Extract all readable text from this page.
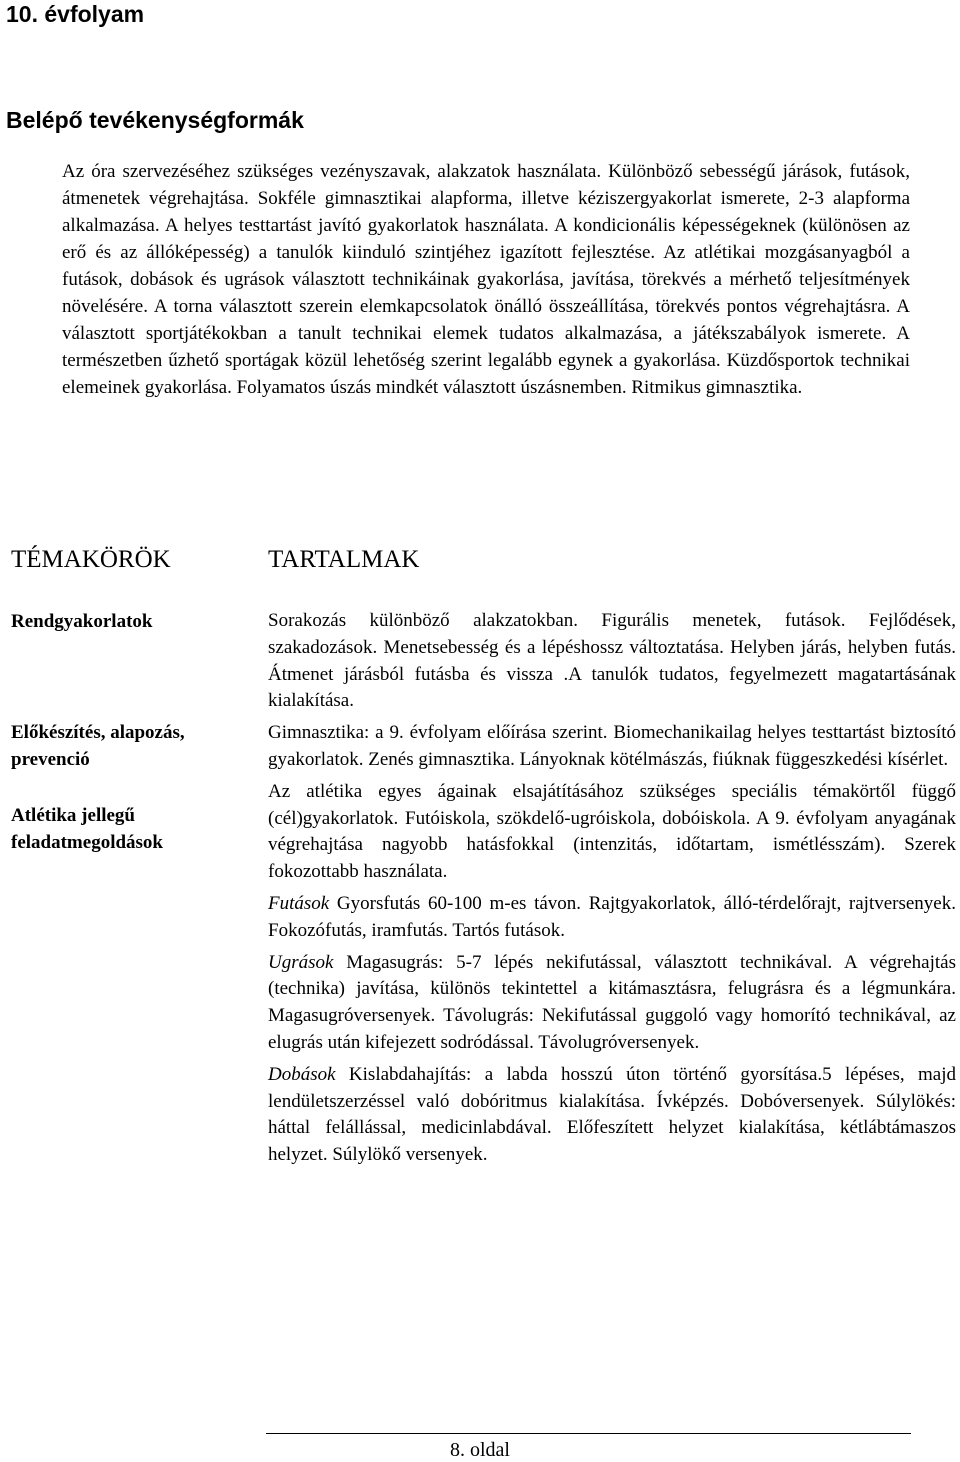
10. évfolyam
Belépő tevékenységformák
Az óra szervezéséhez szükséges vezényszavak, alakzatok használata. Különböző sebességű járások, futások, átmenetek végrehajtása. Sokféle gimnasztikai alapforma, illetve kéziszergyakorlat ismerete, 2-3 alapforma alkalmazása. A helyes testtartást javító gyakorlatok használata. A kondicionális képességeknek (különösen az erő és az állóképesség) a tanulók kiinduló szintjéhez igazított fejlesztése. Az atlétikai mozgásanyagból a futások, dobások és ugrások választott technikáinak gyakorlása, javítása, törekvés a mérhető teljesítmények növelésére. A torna választott szerein elemkapcsolatok önálló összeállítása, törekvés pontos végrehajtásra. A választott sportjátékokban a tanult technikai elemek tudatos alkalmazása, a játékszabályok ismerete. A természetben űzhető sportágak közül lehetőség szerint legalább egynek a gyakorlása. Küzdősportok technikai elemeinek gyakorlása. Folyamatos úszás mindkét választott úszásnemben. Ritmikus gimnasztika.
TÉMAKÖRÖK	TARTALMAK
Rendgyakorlatok
Előkészítés, alapozás, prevenció
Atlétika jellegű feladatmegoldások

Sorakozás különböző alakzatokban. Figurális menetek, futások. Fejlődések, szakadozások. Menetsebesség és a lépéshossz változtatása. Helyben járás, helyben futás. Átmenet járásból futásba és vissza .A tanulók tudatos, fegyelmezett magatartásának kialakítása.

Gimnasztika: a 9. évfolyam előírása szerint. Biomechanikailag helyes testtartást biztosító gyakorlatok. Zenés gimnasztika. Lányoknak kötélmászás, fiúknak függeszkedési kísérlet.

Az atlétika egyes ágainak elsajátításához szükséges speciális témakörtől függő (cél)gyakorlatok. Futóiskola, szökdelő-ugróiskola, dobóiskola. A 9. évfolyam anyagának végrehajtása nagyobb hatásfokkal (intenzitás, időtartam, ismétlésszám). Szerek fokozottabb használata.

Futások Gyorsfutás 60-100 m-es távon. Rajtgyakorlatok, álló-térdelőrajt, rajtversenyek. Fokozófutás, iramfutás. Tartós futások.

Ugrások Magasugrás: 5-7 lépés nekifutással, választott technikával. A végrehajtás (technika) javítása, különös tekintettel a kitámasztásra, felugrásra és a légmunkára. Magasugróversenyek. Távolugrás: Nekifutással guggoló vagy homorító technikával, az elugrás után kifejezett sodródással. Távolugróversenyek.

Dobások Kislabdahajítás: a labda hosszú úton történő gyorsítása.5 lépéses, majd lendületszerzéssel való dobóritmus kialakítása. Ívképzés. Dobóversenyek. Súlylökés: háttal felállással, medicinlabdával. Előfeszített helyzet kialakítása, kétlábtámaszos helyzet. Súlylökő versenyek.

8. oldal
